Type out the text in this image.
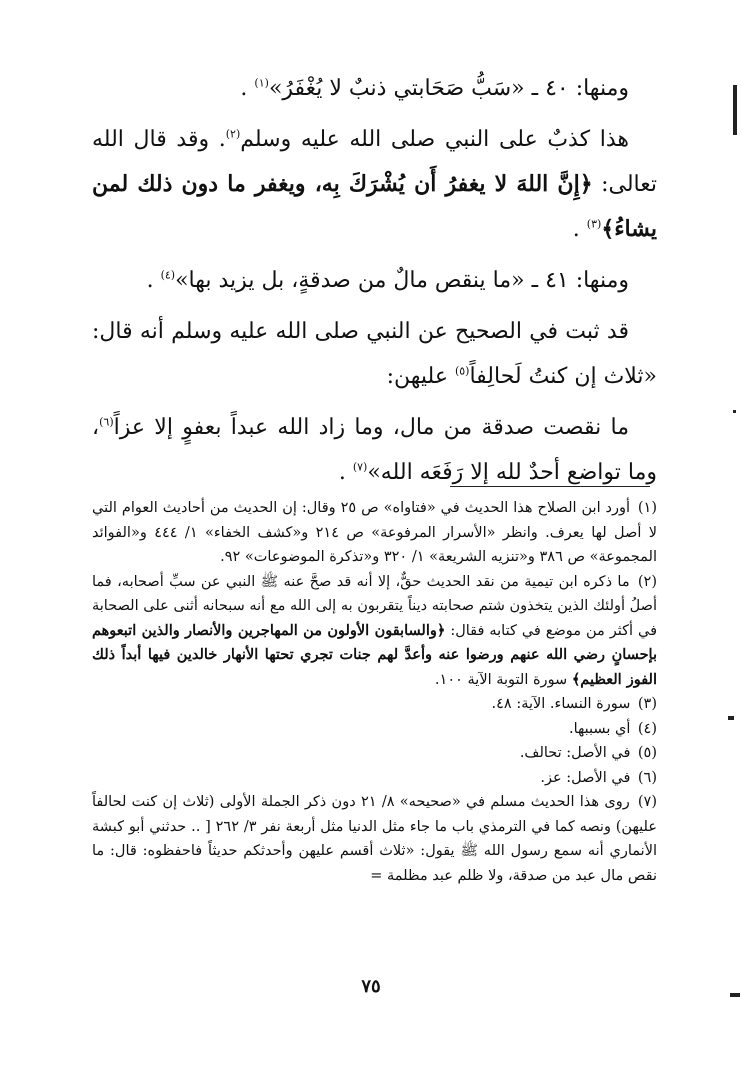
ومنها: ٤٠ ـ «سَبُّ صَحَابتي ذنبٌ لا يُغْفَرُ»$^{(١)}$ .

هذا كذبٌ على النبي صلى الله عليه وسلم$^{(٢)}$. وقد قال الله تعالى: ﴿إِنَّ اللهَ لا يغفرُ أَن يُشْرَكَ بِه، ويغفر ما دون ذلك لمن يشاءُ﴾$^{(٣)}$ .

ومنها: ٤١ ـ «ما ينقص مالٌ من صدقةٍ، بل يزيد بها»$^{(٤)}$ .

قد ثبت في الصحيح عن النبي صلى الله عليه وسلم أنه قال: «ثلاث إن كنتُ لَحالِفاً$^{(٥)}$ عليهن:

ما نقصت صدقة من مال، وما زاد الله عبداً بعفوٍ إلا عزاً$^{(٦)}$، وما تواضع أحدٌ لله إلا رَفَعَه الله»$^{(٧)}$ .

(١) أورد ابن الصلاح هذا الحديث في «فتاواه» ص ٢٥ وقال: إن الحديث من أحاديث العوام التي لا أصل لها يعرف. وانظر «الأسرار المرفوعة» ص ٢١٤ و«كشف الخفاء» ١/ ٤٤٤ و«الفوائد المجموعة» ص ٣٨٦ و«تنزيه الشريعة» ١/ ٣٢٠ و«تذكرة الموضوعات» ٩٢.

(٢) ما ذكره ابن تيمية من نقد الحديث حقٌّ، إلا أنه قد صحَّ عنه ﷺ النبي عن سبِّ أصحابه، فما أصلُ أولئك الذين يتخذون شتم صحابته ديناً يتقربون به إلى الله مع أنه سبحانه أثنى على الصحابة في أكثر من موضع في كتابه فقال: ﴿والسابقون الأولون من المهاجرين والأنصار والذين اتبعوهم بإحسانٍ رضي الله عنهم ورضوا عنه وأعدَّ لهم جنات تجري تحتها الأنهار خالدين فيها أبداً ذلك الفوز العظيم﴾ سورة التوبة الآية ١٠٠.

(٣) سورة النساء. الآية: ٤٨.

(٤) أي بسببها.

(٥) في الأصل: تحالف.

(٦) في الأصل: عز.

(٧) روى هذا الحديث مسلم في «صحيحه» ٨/ ٢١ دون ذكر الجملة الأولى (ثلاث إن كنت لحالفاً عليهن) ونصه كما في الترمذي باب ما جاء مثل الدنيا مثل أربعة نفر ٣/ ٢٦٢ [ .. حدثني أبو كبشة الأنماري أنه سمع رسول الله ﷺ يقول: «ثلاث أقسم عليهن وأحدثكم حديثاً فاحفظوه: قال: ما نقص مال عبد من صدقة، ولا ظلم عبد مظلمة =

٧٥
